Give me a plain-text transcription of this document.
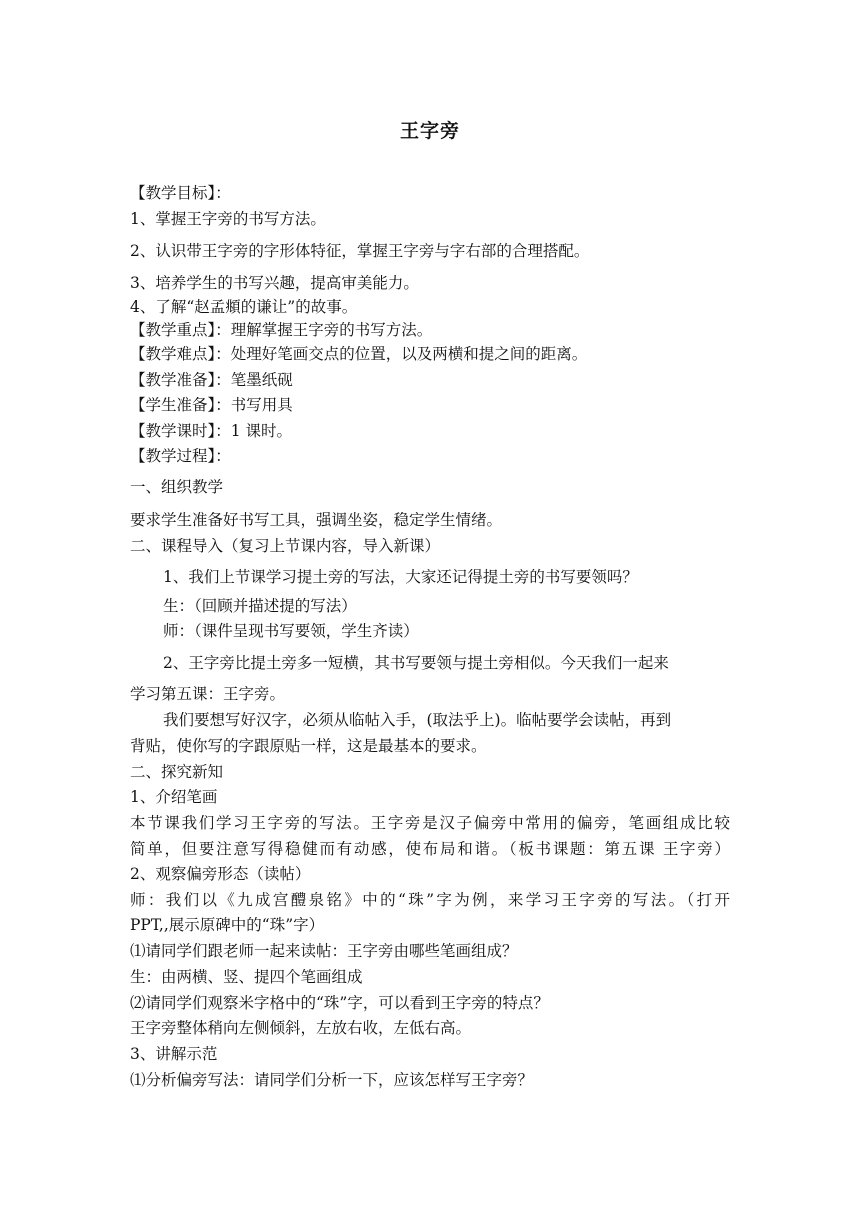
王字旁
【教学目标】：
1、掌握王字旁的书写方法。
2、认识带王字旁的字形体特征，掌握王字旁与字右部的合理搭配。
3、培养学生的书写兴趣，提高审美能力。
4、了解“赵孟頫的谦让”的故事。
【教学重点】：理解掌握王字旁的书写方法。
【教学难点】：处理好笔画交点的位置，以及两横和提之间的距离。
【教学准备】：笔墨纸砚
【学生准备】：书写用具
【教学课时】：1 课时。
【教学过程】：
一、组织教学
要求学生准备好书写工具，强调坐姿，稳定学生情绪。
二、课程导入（复习上节课内容，导入新课）
1、我们上节课学习提土旁的写法，大家还记得提土旁的书写要领吗？
生：（回顾并描述提的写法）
师：（课件呈现书写要领，学生齐读）
2、王字旁比提土旁多一短横，其书写要领与提土旁相似。今天我们一起来
学习第五课：王字旁。
我们要想写好汉字，必须从临帖入手，(取法乎上)。临帖要学会读帖，再到
背贴，使你写的字跟原贴一样，这是最基本的要求。
二、探究新知
1、介绍笔画
本节课我们学习王字旁的写法。王字旁是汉子偏旁中常用的偏旁，笔画组成比较
简单，但要注意写得稳健而有动感，使布局和谐。（板书课题：第五课 王字旁）
2、观察偏旁形态（读帖）
师：我们以《九成宫醴泉铭》中的“珠”字为例，来学习王字旁的写法。（打开
PPT,,展示原碑中的“珠”字）
⑴请同学们跟老师一起来读帖：王字旁由哪些笔画组成？
生：由两横、竖、提四个笔画组成
⑵请同学们观察米字格中的“珠”字，可以看到王字旁的特点？
王字旁整体稍向左侧倾斜，左放右收，左低右高。
3、讲解示范
⑴分析偏旁写法：请同学们分析一下，应该怎样写王字旁？
